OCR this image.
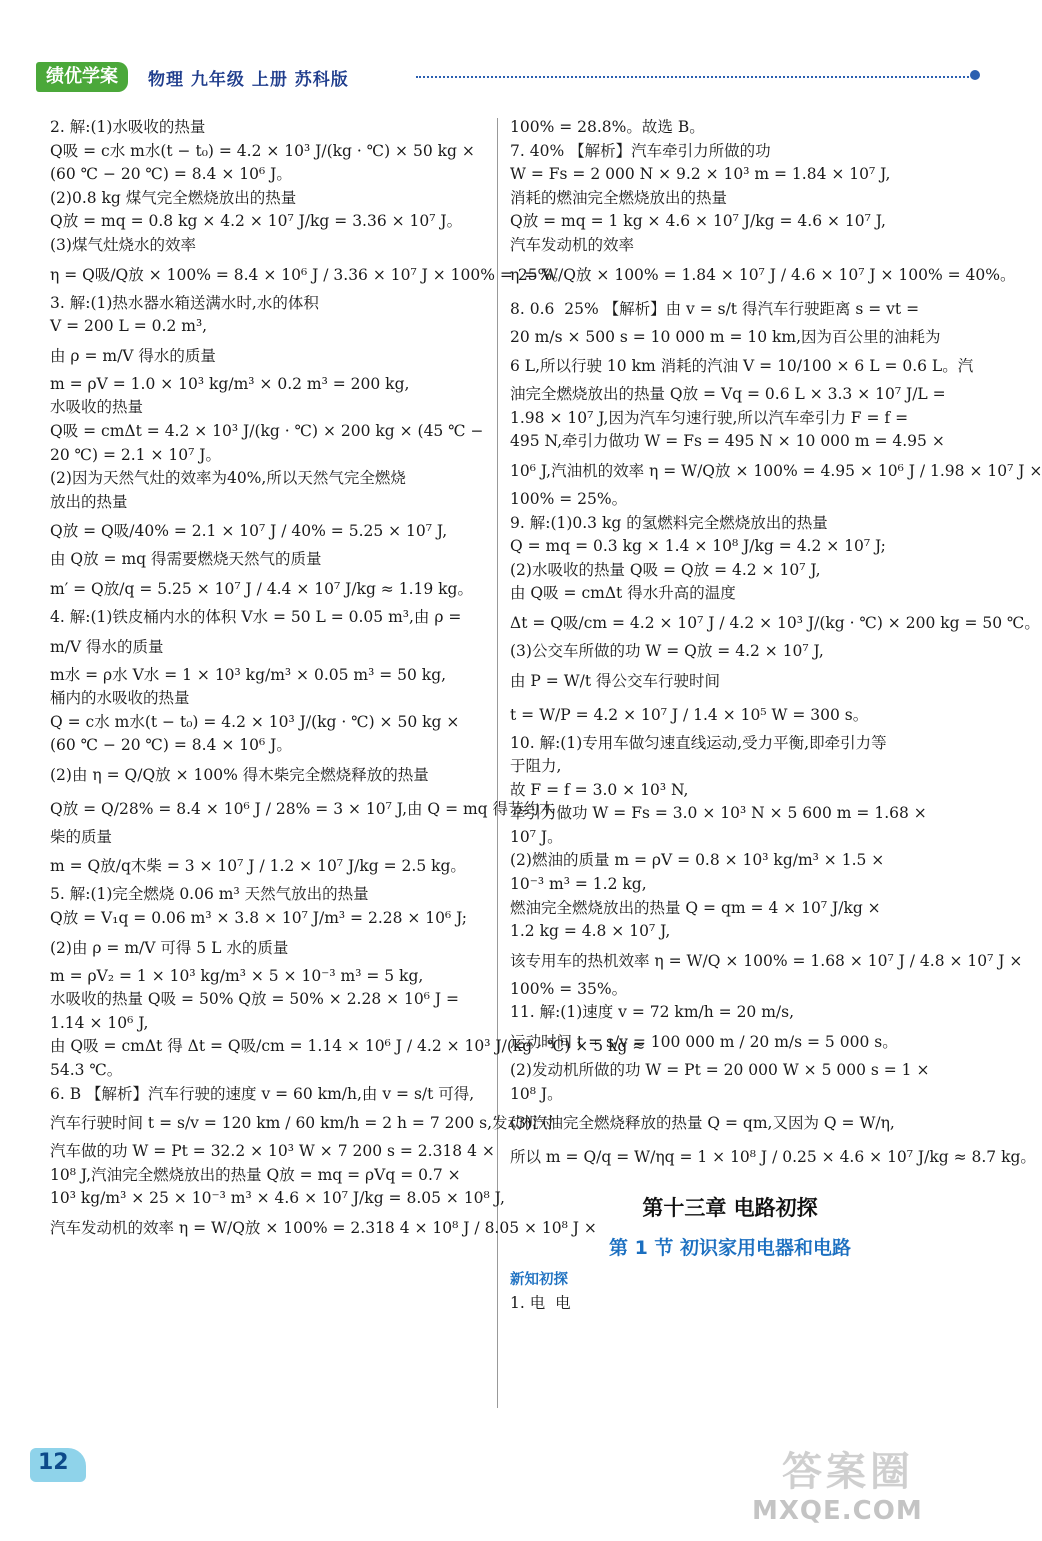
绩优学案	物理 九年级 上册 苏科版
2. 解:(1)水吸收的热量
Q吸 = c水 m水(t − t₀) = 4.2 × 10³ J/(kg · ℃) × 50 kg ×
(60 ℃ − 20 ℃) = 8.4 × 10⁶ J。
(2)0.8 kg 煤气完全燃烧放出的热量
Q放 = mq = 0.8 kg × 4.2 × 10⁷ J/kg = 3.36 × 10⁷ J。
(3)煤气灶烧水的效率
η = Q吸/Q放 × 100% = 8.4 × 10⁶ J / 3.36 × 10⁷ J × 100% = 25%。
3. 解:(1)热水器水箱送满水时,水的体积
V = 200 L = 0.2 m³,
由 ρ = m/V 得水的质量
m = ρV = 1.0 × 10³ kg/m³ × 0.2 m³ = 200 kg,
水吸收的热量
Q吸 = cmΔt = 4.2 × 10³ J/(kg · ℃) × 200 kg × (45 ℃ −
20 ℃) = 2.1 × 10⁷ J。
(2)因为天然气灶的效率为40%,所以天然气完全燃烧
放出的热量
Q放 = Q吸/40% = 2.1 × 10⁷ J / 40% = 5.25 × 10⁷ J,
由 Q放 = mq 得需要燃烧天然气的质量
m′ = Q放/q = 5.25 × 10⁷ J / 4.4 × 10⁷ J/kg ≈ 1.19 kg。
4. 解:(1)铁皮桶内水的体积 V水 = 50 L = 0.05 m³,由 ρ =
m/V 得水的质量
m水 = ρ水 V水 = 1 × 10³ kg/m³ × 0.05 m³ = 50 kg,
桶内的水吸收的热量
Q = c水 m水(t − t₀) = 4.2 × 10³ J/(kg · ℃) × 50 kg ×
(60 ℃ − 20 ℃) = 8.4 × 10⁶ J。
(2)由 η = Q/Q放 × 100% 得木柴完全燃烧释放的热量
Q放 = Q/28% = 8.4 × 10⁶ J / 28% = 3 × 10⁷ J,由 Q = mq 得节约木
柴的质量
m = Q放/q木柴 = 3 × 10⁷ J / 1.2 × 10⁷ J/kg = 2.5 kg。
5. 解:(1)完全燃烧 0.06 m³ 天然气放出的热量
Q放 = V₁q = 0.06 m³ × 3.8 × 10⁷ J/m³ = 2.28 × 10⁶ J;
(2)由 ρ = m/V 可得 5 L 水的质量
m = ρV₂ = 1 × 10³ kg/m³ × 5 × 10⁻³ m³ = 5 kg,
水吸收的热量 Q吸 = 50% Q放 = 50% × 2.28 × 10⁶ J =
1.14 × 10⁶ J,
由 Q吸 = cmΔt 得 Δt = Q吸/cm = 1.14 × 10⁶ J / 4.2 × 10³ J/(kg · ℃) × 5 kg ≈
54.3 ℃。
6. B 【解析】汽车行驶的速度 v = 60 km/h,由 v = s/t 可得,
汽车行驶时间 t = s/v = 120 km / 60 km/h = 2 h = 7 200 s,发动机对
汽车做的功 W = Pt = 32.2 × 10³ W × 7 200 s = 2.318 4 ×
10⁸ J,汽油完全燃烧放出的热量 Q放 = mq = ρVq = 0.7 ×
10³ kg/m³ × 25 × 10⁻³ m³ × 4.6 × 10⁷ J/kg = 8.05 × 10⁸ J,
汽车发动机的效率 η = W/Q放 × 100% = 2.318 4 × 10⁸ J / 8.05 × 10⁸ J ×
100% = 28.8%。故选 B。
7. 40% 【解析】汽车牵引力所做的功
W = Fs = 2 000 N × 9.2 × 10³ m = 1.84 × 10⁷ J,
消耗的燃油完全燃烧放出的热量
Q放 = mq = 1 kg × 4.6 × 10⁷ J/kg = 4.6 × 10⁷ J,
汽车发动机的效率
η = W/Q放 × 100% = 1.84 × 10⁷ J / 4.6 × 10⁷ J × 100% = 40%。
8. 0.6  25% 【解析】由 v = s/t 得汽车行驶距离 s = vt =
20 m/s × 500 s = 10 000 m = 10 km,因为百公里的油耗为
6 L,所以行驶 10 km 消耗的汽油 V = 10/100 × 6 L = 0.6 L。汽
油完全燃烧放出的热量 Q放 = Vq = 0.6 L × 3.3 × 10⁷ J/L =
1.98 × 10⁷ J,因为汽车匀速行驶,所以汽车牵引力 F = f =
495 N,牵引力做功 W = Fs = 495 N × 10 000 m = 4.95 ×
10⁶ J,汽油机的效率 η = W/Q放 × 100% = 4.95 × 10⁶ J / 1.98 × 10⁷ J ×
100% = 25%。
9. 解:(1)0.3 kg 的氢燃料完全燃烧放出的热量
Q = mq = 0.3 kg × 1.4 × 10⁸ J/kg = 4.2 × 10⁷ J;
(2)水吸收的热量 Q吸 = Q放 = 4.2 × 10⁷ J,
由 Q吸 = cmΔt 得水升高的温度
Δt = Q吸/cm = 4.2 × 10⁷ J / 4.2 × 10³ J/(kg · ℃) × 200 kg = 50 ℃。
(3)公交车所做的功 W = Q放 = 4.2 × 10⁷ J,
由 P = W/t 得公交车行驶时间
t = W/P = 4.2 × 10⁷ J / 1.4 × 10⁵ W = 300 s。
10. 解:(1)专用车做匀速直线运动,受力平衡,即牵引力等
于阻力,
故 F = f = 3.0 × 10³ N,
牵引力做功 W = Fs = 3.0 × 10³ N × 5 600 m = 1.68 ×
10⁷ J。
(2)燃油的质量 m = ρV = 0.8 × 10³ kg/m³ × 1.5 ×
10⁻³ m³ = 1.2 kg,
燃油完全燃烧放出的热量 Q = qm = 4 × 10⁷ J/kg ×
1.2 kg = 4.8 × 10⁷ J,
该专用车的热机效率 η = W/Q × 100% = 1.68 × 10⁷ J / 4.8 × 10⁷ J ×
100% = 35%。
11. 解:(1)速度 v = 72 km/h = 20 m/s,
运动时间 t = s/v = 100 000 m / 20 m/s = 5 000 s。
(2)发动机所做的功 W = Pt = 20 000 W × 5 000 s = 1 ×
10⁸ J。
(3)汽油完全燃烧释放的热量 Q = qm,又因为 Q = W/η,
所以 m = Q/q = W/ηq = 1 × 10⁸ J / 0.25 × 4.6 × 10⁷ J/kg ≈ 8.7 kg。
第十三章 电路初探
第 1 节 初识家用电器和电路
新知初探
1. 电  电
12	答案圈
MXQE.COM
